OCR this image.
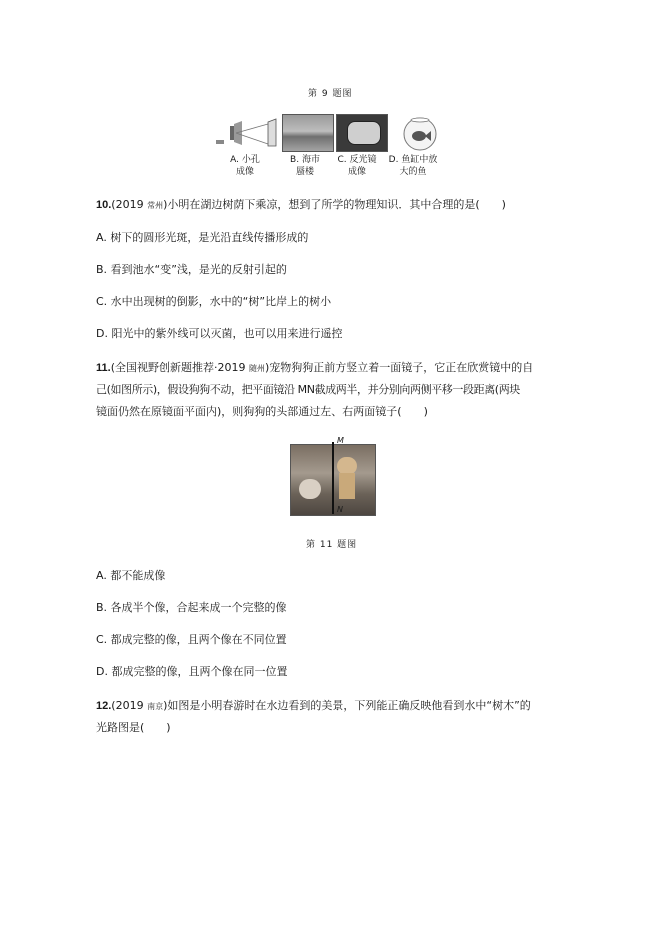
第 9 题图
A. 小孔
成像
B. 海市
蜃楼
C. 反光镜
成像
D. 鱼缸中放
大的鱼
10.(2019 常州)小明在湖边树荫下乘凉，想到了所学的物理知识．其中合理的是(　　)
A. 树下的圆形光斑，是光沿直线传播形成的
B. 看到池水“变”浅，是光的反射引起的
C. 水中出现树的倒影，水中的“树”比岸上的树小
D. 阳光中的紫外线可以灭菌，也可以用来进行遥控
11.(全国视野创新题推荐·2019 随州)宠物狗狗正前方竖立着一面镜子，它正在欣赏镜中的自
己(如图所示)，假设狗狗不动，把平面镜沿 MN截成两半，并分别向两侧平移一段距离(两块
镜面仍然在原镜面平面内)，则狗狗的头部通过左、右两面镜子(　　)
M
N
第 11 题图
A. 都不能成像
B. 各成半个像，合起来成一个完整的像
C. 都成完整的像，且两个像在不同位置
D. 都成完整的像，且两个像在同一位置
12.(2019 南京)如图是小明春游时在水边看到的美景，下列能正确反映他看到水中“树木”的
光路图是(　　)
